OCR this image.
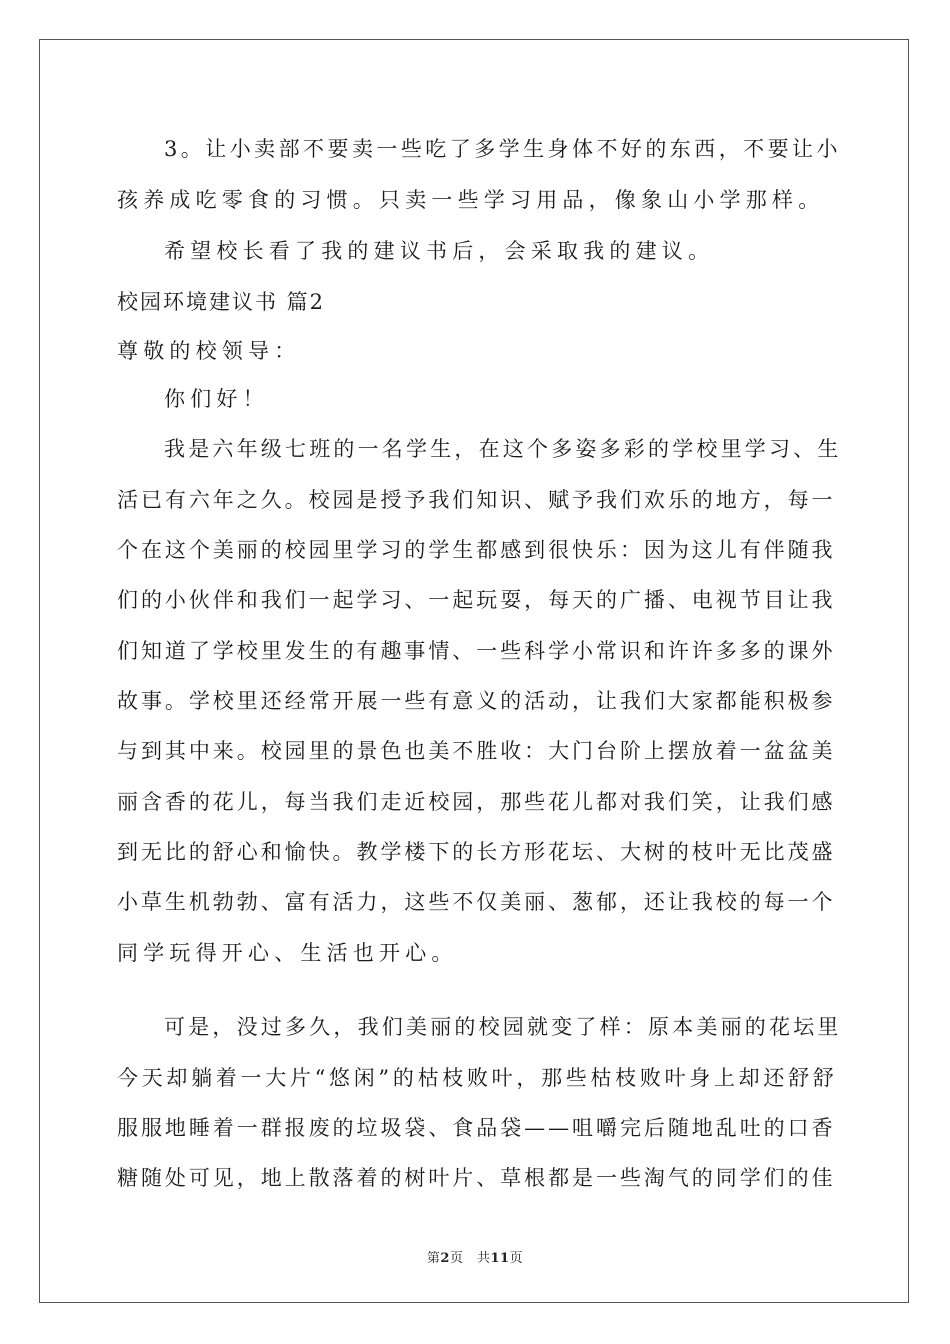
3。让小卖部不要卖一些吃了多学生身体不好的东西，不要让小
孩养成吃零食的习惯。只卖一些学习用品，像象山小学那样。
希望校长看了我的建议书后，会采取我的建议。
校园环境建议书 篇2
尊敬的校领导：
你们好！
我是六年级七班的一名学生，在这个多姿多彩的学校里学习、生
活已有六年之久。校园是授予我们知识、赋予我们欢乐的地方，每一
个在这个美丽的校园里学习的学生都感到很快乐：因为这儿有伴随我
们的小伙伴和我们一起学习、一起玩耍，每天的广播、电视节目让我
们知道了学校里发生的有趣事情、一些科学小常识和许许多多的课外
故事。学校里还经常开展一些有意义的活动，让我们大家都能积极参
与到其中来。校园里的景色也美不胜收：大门台阶上摆放着一盆盆美
丽含香的花儿，每当我们走近校园，那些花儿都对我们笑，让我们感
到无比的舒心和愉快。教学楼下的长方形花坛、大树的枝叶无比茂盛
小草生机勃勃、富有活力，这些不仅美丽、葱郁，还让我校的每一个
同学玩得开心、生活也开心。
可是，没过多久，我们美丽的校园就变了样：原本美丽的花坛里
今天却躺着一大片“悠闲”的枯枝败叶，那些枯枝败叶身上却还舒舒
服服地睡着一群报废的垃圾袋、食品袋——咀嚼完后随地乱吐的口香
糖随处可见，地上散落着的树叶片、草根都是一些淘气的同学们的佳
第2页　共11页
